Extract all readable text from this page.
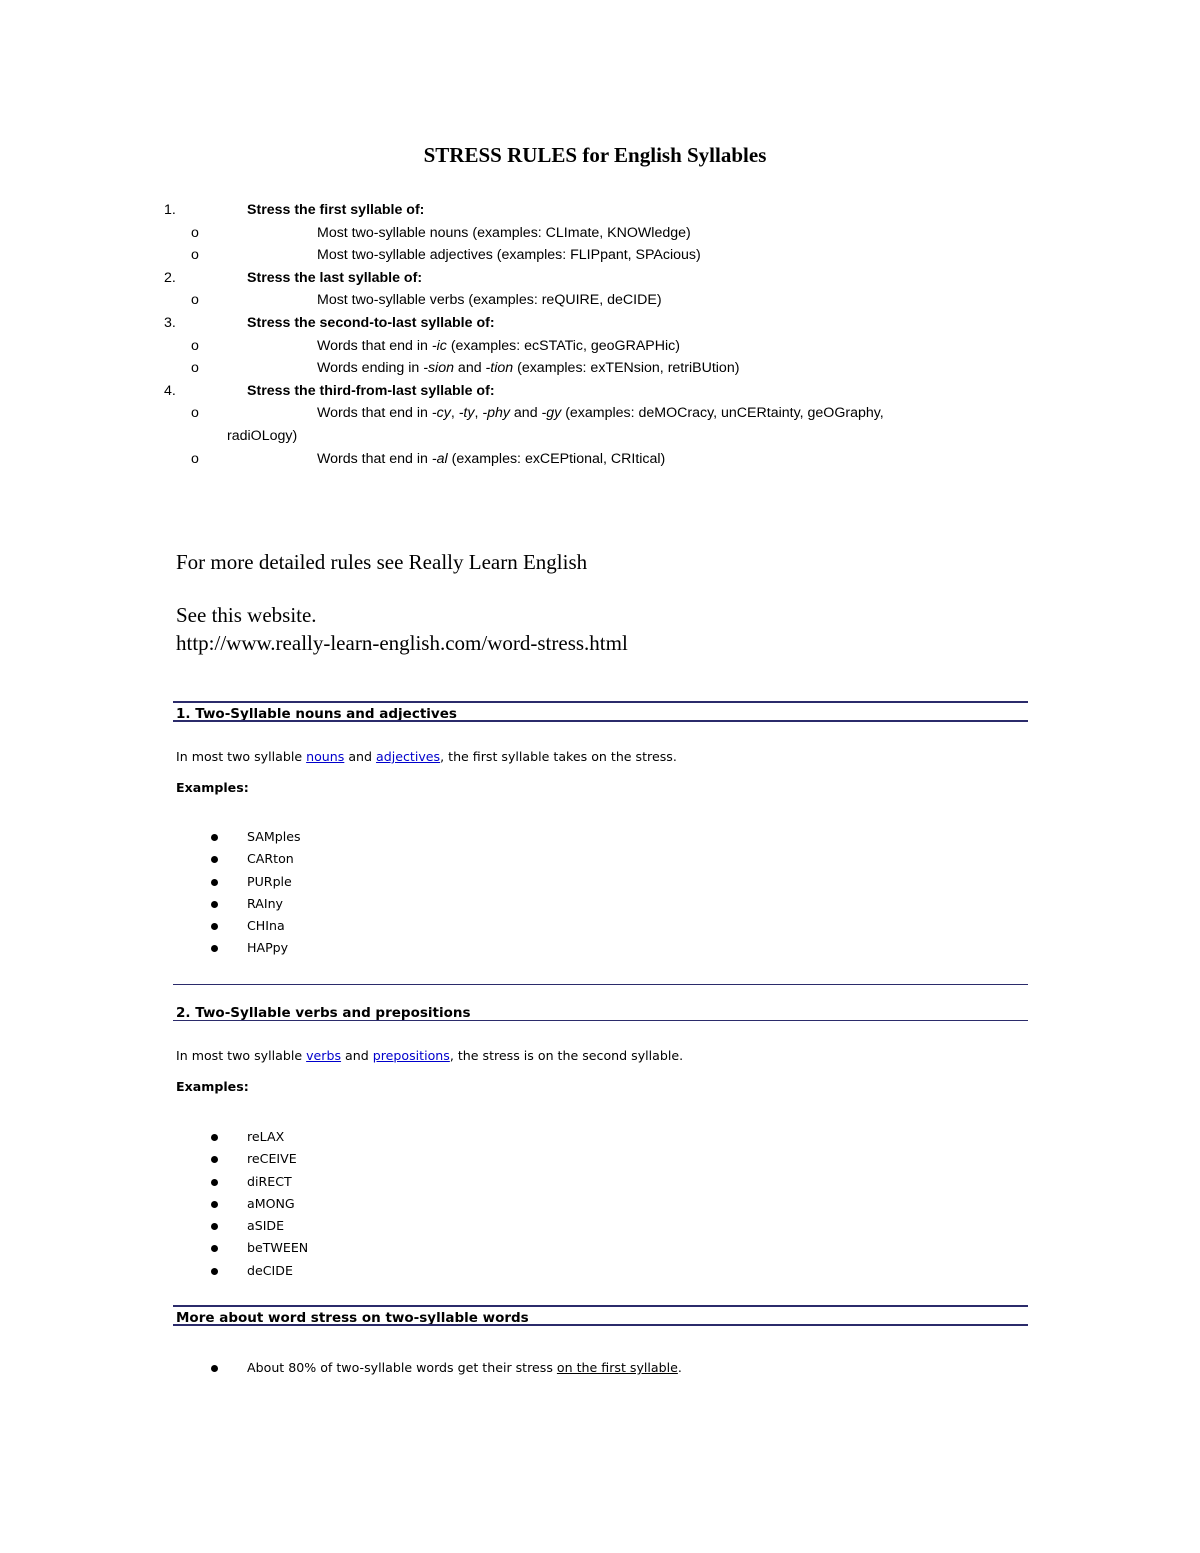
STRESS RULES for English Syllables
1.	Stress the first syllable of:
o	Most two-syllable nouns (examples: CLImate, KNOWledge)
o	Most two-syllable adjectives (examples: FLIPpant, SPAcious)
2.	Stress the last syllable of:
o	Most two-syllable verbs (examples: reQUIRE, deCIDE)
3.	Stress the second-to-last syllable of:
o	Words that end in -ic (examples: ecSTATic, geoGRAPHic)
o	Words ending in -sion and -tion (examples: exTENsion, retriBUtion)
4.	Stress the third-from-last syllable of:
o	Words that end in -cy, -ty, -phy and -gy (examples: deMOCracy, unCERtainty, geOGraphy,
radiOLogy)
o	Words that end in -al (examples: exCEPtional, CRItical)

For more detailed rules see Really Learn English

See this website.

http://www.really-learn-english.com/word-stress.html

1. Two-Syllable nouns and adjectives

In most two syllable nouns and adjectives, the first syllable takes on the stress.

Examples:

SAMples
CARton
PURple
RAIny
CHIna
HAPpy

2. Two-Syllable verbs and prepositions

In most two syllable verbs and prepositions, the stress is on the second syllable.

Examples:

reLAX
reCEIVE
diRECT
aMONG
aSIDE
beTWEEN
deCIDE

More about word stress on two-syllable words

About 80% of two-syllable words get their stress on the first syllable.
